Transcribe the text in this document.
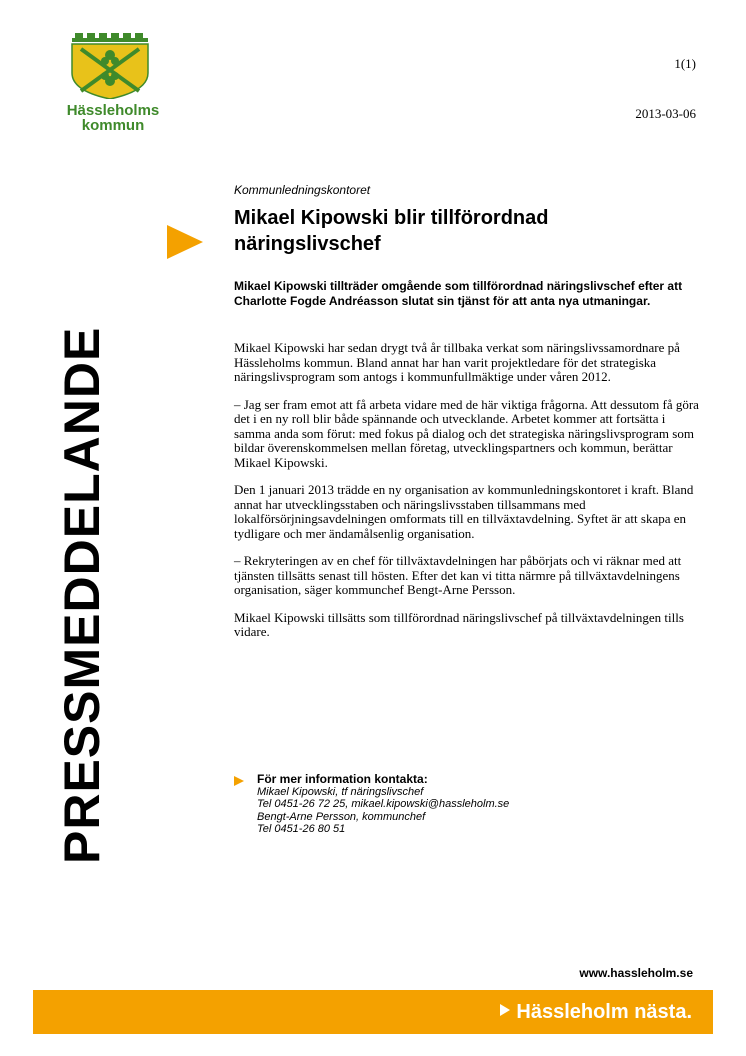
Hässleholms
kommun
1(1)
2013-03-06
PRESSMEDDELANDE
Kommunledningskontoret
Mikael Kipowski blir tillförordnad näringslivschef
Mikael Kipowski tillträder omgående som tillförordnad näringslivschef efter att Charlotte Fogde Andréasson slutat sin tjänst för att anta nya utmaningar.

Mikael Kipowski har sedan drygt två år tillbaka verkat som näringslivssamordnare på Hässleholms kommun. Bland annat har han varit projektledare för det strategiska näringslivsprogram som antogs i kommunfullmäktige under våren 2012.

– Jag ser fram emot att få arbeta vidare med de här viktiga frågorna. Att dessutom få göra det i en ny roll blir både spännande och utvecklande. Arbetet kommer att fortsätta i samma anda som förut: med fokus på dialog och det strategiska näringslivsprogram som bildar överenskommelsen mellan företag, utvecklingspartners och kommun, berättar Mikael Kipowski.

Den 1 januari 2013 trädde en ny organisation av kommunledningskontoret i kraft. Bland annat har utvecklingsstaben och näringslivsstaben tillsammans med lokalförsörjningsavdelningen omformats till en tillväxtavdelning. Syftet är att skapa en tydligare och mer ändamålsenlig organisation.

– Rekryteringen av en chef för tillväxtavdelningen har påbörjats och vi räknar med att tjänsten tillsätts senast till hösten. Efter det kan vi titta närmre på tillväxtavdelningens organisation, säger kommunchef Bengt-Arne Persson.

Mikael Kipowski tillsätts som tillförordnad näringslivschef på tillväxtavdelningen tills vidare.

För mer information kontakta:
Mikael Kipowski, tf näringslivschef
Tel 0451-26 72 25, mikael.kipowski@hassleholm.se
Bengt-Arne Persson, kommunchef
Tel 0451-26 80 51
www.hassleholm.se
Hässleholm nästa.
